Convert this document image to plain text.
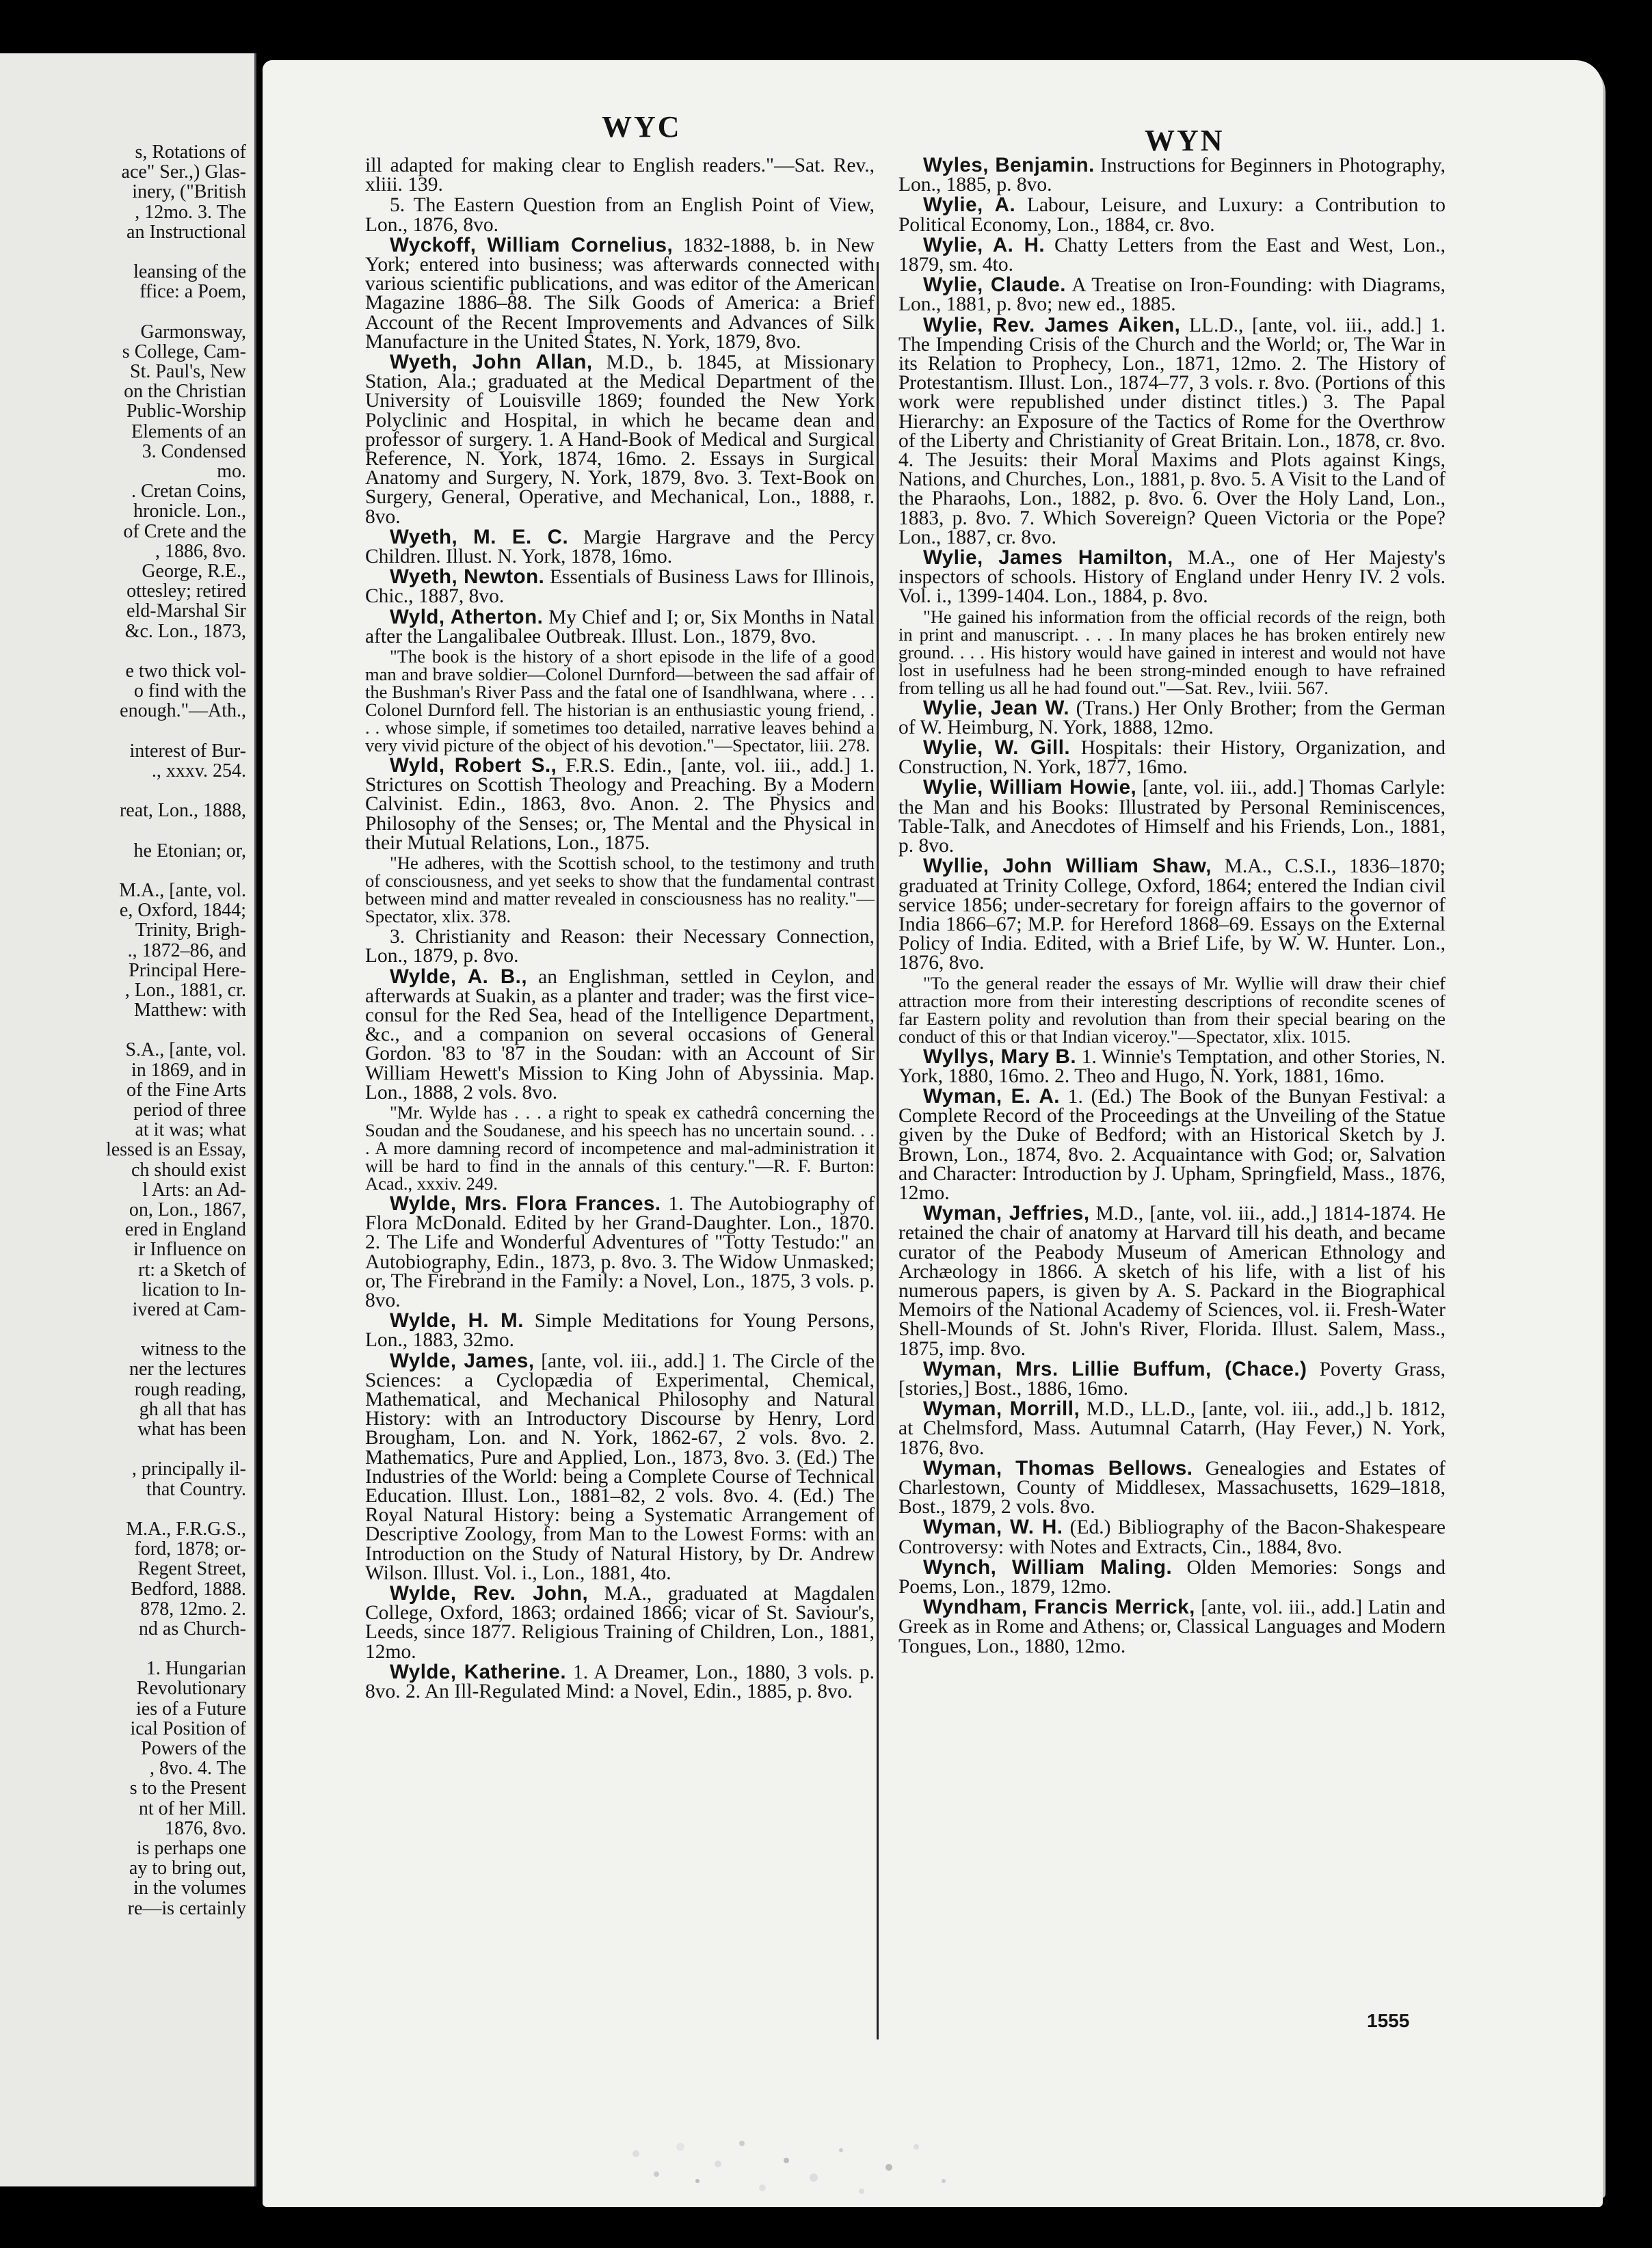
s, Rotations of
ace" Ser.,) Glas-
inery, ("British
, 12mo. 3. The
an Instructional
leansing of the
ffice: a Poem,
Garmonsway,
s College, Cam-
St. Paul's, New
on the Christian
Public-Worship
Elements of an
3. Condensed
mo.
. Cretan Coins,
hronicle. Lon.,
of Crete and the
, 1886, 8vo.
George, R.E.,
ottesley; retired
eld-Marshal Sir
&c. Lon., 1873,
e two thick vol-
o find with the
enough."—Ath.,
interest of Bur-
., xxxv. 254.
reat, Lon., 1888,
he Etonian; or,
M.A., [ante, vol.
e, Oxford, 1844;
Trinity, Brigh-
., 1872–86, and
Principal Here-
, Lon., 1881, cr.
Matthew: with
S.A., [ante, vol.
in 1869, and in
of the Fine Arts
period of three
at it was; what
lessed is an Essay,
ch should exist
l Arts: an Ad-
on, Lon., 1867,
ered in England
ir Influence on
rt: a Sketch of
lication to In-
ivered at Cam-
witness to the
ner the lectures
rough reading,
gh all that has
what has been
, principally il-
that Country.
M.A., F.R.G.S.,
ford, 1878; or-
Regent Street,
Bedford, 1888.
878, 12mo. 2.
nd as Church-
1. Hungarian
Revolutionary
ies of a Future
ical Position of
Powers of the
, 8vo. 4. The
s to the Present
nt of her Mill.
1876, 8vo.
is perhaps one
ay to bring out,
in the volumes
re—is certainly
WYC	WYN
ill adapted for making clear to English readers."—Sat. Rev., xliii. 139.
5. The Eastern Question from an English Point of View, Lon., 1876, 8vo.
Wyckoff, William Cornelius, 1832-1888, b. in New York; entered into business; was afterwards connected with various scientific publications, and was editor of the American Magazine 1886–88. The Silk Goods of America: a Brief Account of the Recent Improvements and Advances of Silk Manufacture in the United States, N. York, 1879, 8vo.
Wyeth, John Allan, M.D., b. 1845, at Missionary Station, Ala.; graduated at the Medical Department of the University of Louisville 1869; founded the New York Polyclinic and Hospital, in which he became dean and professor of surgery. 1. A Hand-Book of Medical and Surgical Reference, N. York, 1874, 16mo. 2. Essays in Surgical Anatomy and Surgery, N. York, 1879, 8vo. 3. Text-Book on Surgery, General, Operative, and Mechanical, Lon., 1888, r. 8vo.
Wyeth, M. E. C. Margie Hargrave and the Percy Children. Illust. N. York, 1878, 16mo.
Wyeth, Newton. Essentials of Business Laws for Illinois, Chic., 1887, 8vo.
Wyld, Atherton. My Chief and I; or, Six Months in Natal after the Langalibalee Outbreak. Illust. Lon., 1879, 8vo.
"The book is the history of a short episode in the life of a good man and brave soldier—Colonel Durnford—between the sad affair of the Bushman's River Pass and the fatal one of Isandhlwana, where . . . Colonel Durnford fell. The historian is an enthusiastic young friend, . . . whose simple, if sometimes too detailed, narrative leaves behind a very vivid picture of the object of his devotion."—Spectator, liii. 278.
Wyld, Robert S., F.R.S. Edin., [ante, vol. iii., add.] 1. Strictures on Scottish Theology and Preaching. By a Modern Calvinist. Edin., 1863, 8vo. Anon. 2. The Physics and Philosophy of the Senses; or, The Mental and the Physical in their Mutual Relations, Lon., 1875.
"He adheres, with the Scottish school, to the testimony and truth of consciousness, and yet seeks to show that the fundamental contrast between mind and matter revealed in consciousness has no reality."—Spectator, xlix. 378.
3. Christianity and Reason: their Necessary Connection, Lon., 1879, p. 8vo.
Wylde, A. B., an Englishman, settled in Ceylon, and afterwards at Suakin, as a planter and trader; was the first vice-consul for the Red Sea, head of the Intelligence Department, &c., and a companion on several occasions of General Gordon. '83 to '87 in the Soudan: with an Account of Sir William Hewett's Mission to King John of Abyssinia. Map. Lon., 1888, 2 vols. 8vo.
"Mr. Wylde has . . . a right to speak ex cathedrâ concerning the Soudan and the Soudanese, and his speech has no uncertain sound. . . . A more damning record of incompetence and mal-administration it will be hard to find in the annals of this century."—R. F. Burton: Acad., xxxiv. 249.
Wylde, Mrs. Flora Frances. 1. The Autobiography of Flora McDonald. Edited by her Grand-Daughter. Lon., 1870. 2. The Life and Wonderful Adventures of "Totty Testudo:" an Autobiography, Edin., 1873, p. 8vo. 3. The Widow Unmasked; or, The Firebrand in the Family: a Novel, Lon., 1875, 3 vols. p. 8vo.
Wylde, H. M. Simple Meditations for Young Persons, Lon., 1883, 32mo.
Wylde, James, [ante, vol. iii., add.] 1. The Circle of the Sciences: a Cyclopædia of Experimental, Chemical, Mathematical, and Mechanical Philosophy and Natural History: with an Introductory Discourse by Henry, Lord Brougham, Lon. and N. York, 1862-67, 2 vols. 8vo. 2. Mathematics, Pure and Applied, Lon., 1873, 8vo. 3. (Ed.) The Industries of the World: being a Complete Course of Technical Education. Illust. Lon., 1881–82, 2 vols. 8vo. 4. (Ed.) The Royal Natural History: being a Systematic Arrangement of Descriptive Zoology, from Man to the Lowest Forms: with an Introduction on the Study of Natural History, by Dr. Andrew Wilson. Illust. Vol. i., Lon., 1881, 4to.
Wylde, Rev. John, M.A., graduated at Magdalen College, Oxford, 1863; ordained 1866; vicar of St. Saviour's, Leeds, since 1877. Religious Training of Children, Lon., 1881, 12mo.
Wylde, Katherine. 1. A Dreamer, Lon., 1880, 3 vols. p. 8vo. 2. An Ill-Regulated Mind: a Novel, Edin., 1885, p. 8vo.
Wyles, Benjamin. Instructions for Beginners in Photography, Lon., 1885, p. 8vo.
Wylie, A. Labour, Leisure, and Luxury: a Contribution to Political Economy, Lon., 1884, cr. 8vo.
Wylie, A. H. Chatty Letters from the East and West, Lon., 1879, sm. 4to.
Wylie, Claude. A Treatise on Iron-Founding: with Diagrams, Lon., 1881, p. 8vo; new ed., 1885.
Wylie, Rev. James Aiken, LL.D., [ante, vol. iii., add.] 1. The Impending Crisis of the Church and the World; or, The War in its Relation to Prophecy, Lon., 1871, 12mo. 2. The History of Protestantism. Illust. Lon., 1874–77, 3 vols. r. 8vo. (Portions of this work were republished under distinct titles.) 3. The Papal Hierarchy: an Exposure of the Tactics of Rome for the Overthrow of the Liberty and Christianity of Great Britain. Lon., 1878, cr. 8vo. 4. The Jesuits: their Moral Maxims and Plots against Kings, Nations, and Churches, Lon., 1881, p. 8vo. 5. A Visit to the Land of the Pharaohs, Lon., 1882, p. 8vo. 6. Over the Holy Land, Lon., 1883, p. 8vo. 7. Which Sovereign? Queen Victoria or the Pope? Lon., 1887, cr. 8vo.
Wylie, James Hamilton, M.A., one of Her Majesty's inspectors of schools. History of England under Henry IV. 2 vols. Vol. i., 1399-1404. Lon., 1884, p. 8vo.
"He gained his information from the official records of the reign, both in print and manuscript. . . . In many places he has broken entirely new ground. . . . His history would have gained in interest and would not have lost in usefulness had he been strong-minded enough to have refrained from telling us all he had found out."—Sat. Rev., lviii. 567.
Wylie, Jean W. (Trans.) Her Only Brother; from the German of W. Heimburg, N. York, 1888, 12mo.
Wylie, W. Gill. Hospitals: their History, Organization, and Construction, N. York, 1877, 16mo.
Wylie, William Howie, [ante, vol. iii., add.] Thomas Carlyle: the Man and his Books: Illustrated by Personal Reminiscences, Table-Talk, and Anecdotes of Himself and his Friends, Lon., 1881, p. 8vo.
Wyllie, John William Shaw, M.A., C.S.I., 1836–1870; graduated at Trinity College, Oxford, 1864; entered the Indian civil service 1856; under-secretary for foreign affairs to the governor of India 1866–67; M.P. for Hereford 1868–69. Essays on the External Policy of India. Edited, with a Brief Life, by W. W. Hunter. Lon., 1876, 8vo.
"To the general reader the essays of Mr. Wyllie will draw their chief attraction more from their interesting descriptions of recondite scenes of far Eastern polity and revolution than from their special bearing on the conduct of this or that Indian viceroy."—Spectator, xlix. 1015.
Wyllys, Mary B. 1. Winnie's Temptation, and other Stories, N. York, 1880, 16mo. 2. Theo and Hugo, N. York, 1881, 16mo.
Wyman, E. A. 1. (Ed.) The Book of the Bunyan Festival: a Complete Record of the Proceedings at the Unveiling of the Statue given by the Duke of Bedford; with an Historical Sketch by J. Brown, Lon., 1874, 8vo. 2. Acquaintance with God; or, Salvation and Character: Introduction by J. Upham, Springfield, Mass., 1876, 12mo.
Wyman, Jeffries, M.D., [ante, vol. iii., add.,] 1814-1874. He retained the chair of anatomy at Harvard till his death, and became curator of the Peabody Museum of American Ethnology and Archæology in 1866. A sketch of his life, with a list of his numerous papers, is given by A. S. Packard in the Biographical Memoirs of the National Academy of Sciences, vol. ii. Fresh-Water Shell-Mounds of St. John's River, Florida. Illust. Salem, Mass., 1875, imp. 8vo.
Wyman, Mrs. Lillie Buffum, (Chace.) Poverty Grass, [stories,] Bost., 1886, 16mo.
Wyman, Morrill, M.D., LL.D., [ante, vol. iii., add.,] b. 1812, at Chelmsford, Mass. Autumnal Catarrh, (Hay Fever,) N. York, 1876, 8vo.
Wyman, Thomas Bellows. Genealogies and Estates of Charlestown, County of Middlesex, Massachusetts, 1629–1818, Bost., 1879, 2 vols. 8vo.
Wyman, W. H. (Ed.) Bibliography of the Bacon-Shakespeare Controversy: with Notes and Extracts, Cin., 1884, 8vo.
Wynch, William Maling. Olden Memories: Songs and Poems, Lon., 1879, 12mo.
Wyndham, Francis Merrick, [ante, vol. iii., add.] Latin and Greek as in Rome and Athens; or, Classical Languages and Modern Tongues, Lon., 1880, 12mo.
1555
